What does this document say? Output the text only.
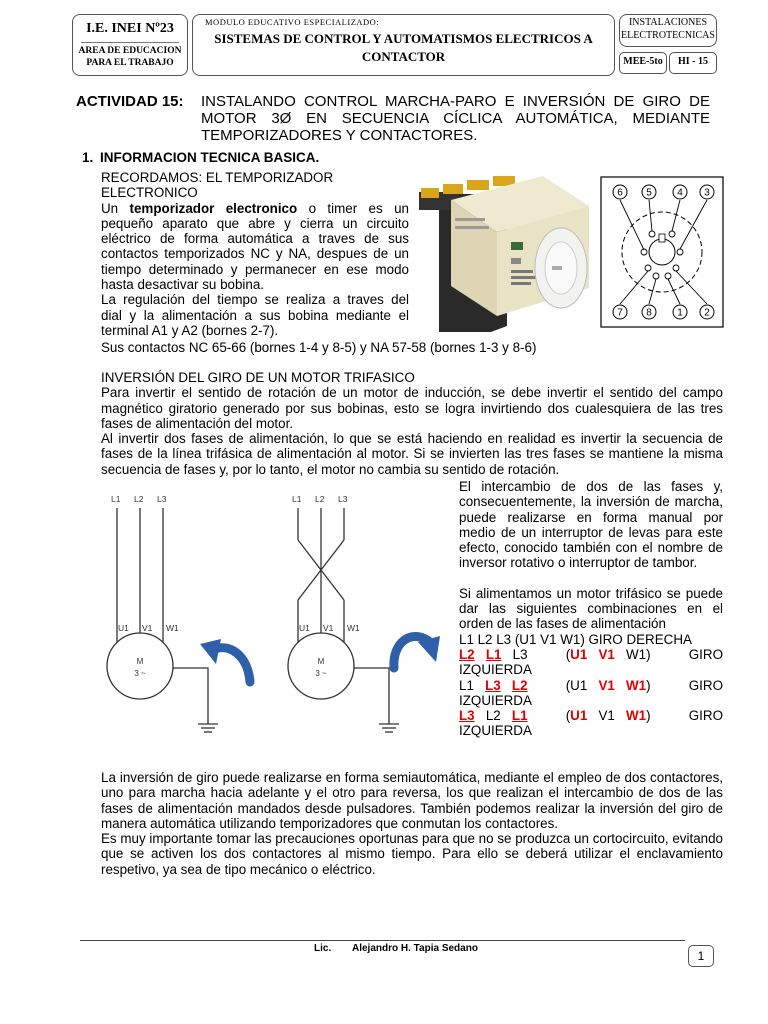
I.E. INEI Nº23
AREA DE EDUCACION
PARA EL TRABAJO
MODULO EDUCATIVO ESPECIALIZADO:
SISTEMAS DE CONTROL Y AUTOMATISMOS ELECTRICOS A
CONTACTOR
INSTALACIONES
ELECTROTECNICAS
MEE-5to	HI - 15
ACTIVIDAD 15: INSTALANDO CONTROL MARCHA-PARO E INVERSIÓN DE GIRO DE
MOTOR 3Ø EN SECUENCIA CÍCLICA AUTOMÁTICA, MEDIANTE
TEMPORIZADORES Y CONTACTORES.
1. INFORMACION TECNICA BASICA.
RECORDAMOS: EL TEMPORIZADOR
ELECTRONICO
Un temporizador electronico o timer es un
pequeño aparato que abre y cierra un circuito
eléctrico de forma automática a traves de sus
contactos temporizados NC y NA, despues de un
tiempo determinado y permanecer en ese modo
hasta desactivar su bobina.
La regulación del tiempo se realiza a traves del
dial y la alimentación a sus bobina mediante el
terminal A1 y A2 (bornes 2-7).
Sus contactos NC 65-66 (bornes 1-4 y 8-5) y NA 57-58 (bornes 1-3 y 8-6)
6 5	4 3
7 8	1 2
INVERSIÓN DEL GIRO DE UN MOTOR TRIFASICO
Para invertir el sentido de rotación de un motor de inducción, se debe invertir el sentido del campo magnético giratorio generado por sus bobinas, esto se logra invirtiendo dos cualesquiera de las tres fases de alimentación del motor.
Al invertir dos fases de alimentación, lo que se está haciendo en realidad es invertir la secuencia de fases de la línea trifásica de alimentación al motor. Si se invierten las tres fases se mantiene la misma secuencia de fases y, por lo tanto, el motor no cambia su sentido de rotación.
El intercambio de dos de las fases y, consecuentemente, la inversión de marcha, puede realizarse en forma manual por medio de un interruptor de levas para este efecto, conocido también con el nombre de inversor rotativo o interruptor de tambor.
Si alimentamos un motor trifásico se puede dar las siguientes combinaciones en el orden de las fases de alimentación
L1 L2 L3 (U1 V1 W1) GIRO DERECHA
L2 L1 L3	(U1 V1 W1)	GIRO
IZQUIERDA
L1 L3 L2	(U1 V1 W1)	GIRO
IZQUIERDA
L3 L2 L1	(U1 V1 W1)	GIRO
IZQUIERDA
L1 L2 L3	L1 L2 L3
U1 V1 W1	U1 V1 W1
M
3 ~
M
3 ~
La inversión de giro puede realizarse en forma semiautomática, mediante el empleo de dos contactores, uno para marcha hacia adelante y el otro para reversa, los que realizan el intercambio de dos de las fases de alimentación mandados desde pulsadores. También podemos realizar la inversión del giro de manera automática utilizando temporizadores que conmutan los contactores.
Es muy importante tomar las precauciones oportunas para que no se produzca un cortocircuito, evitando que se activen los dos contactores al mismo tiempo. Para ello se deberá utilizar el enclavamiento respetivo, ya sea de tipo mecánico o eléctrico.
Lic. Alejandro H. Tapia Sedano
1
